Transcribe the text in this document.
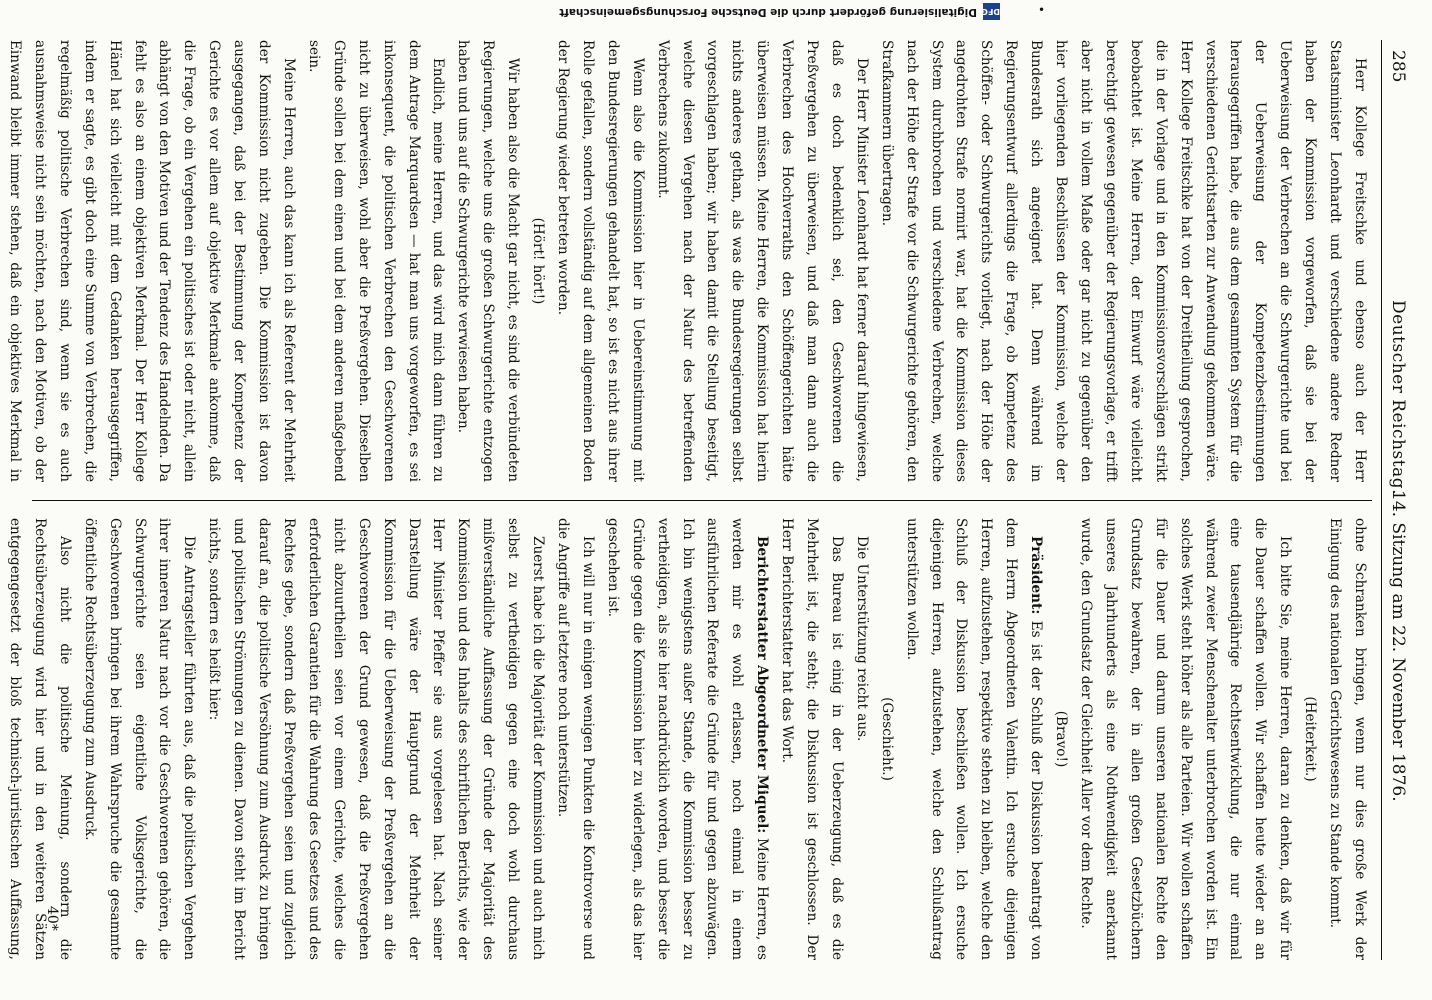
285
Deutscher Reichstag.
14. Sitzung am 22. November 1876.

Herr Kollege Freitschke und ebenso auch der Herr Staatsminister Leonhardt und verschiedene andere Redner haben der Kommission vorgeworfen, daß sie bei der Ueberweisung der Verbrechen an die Schwurgerichte und bei der Ueberweisung der Kompetenzbestimmungen herausgegriffen habe, die aus dem gesammten System für die verschiedenen Gerichtsarten zur Anwendung gekommen wäre. Herr Kollege Freitschke hat von der Dreitheilung gesprochen, die in der Vorlage und in den Kommissionsvorschlägen strikt beobachtet ist. Meine Herren, der Einwurf wäre vielleicht berechtigt gewesen gegenüber der Regierungsvorlage, er trifft aber nicht in vollem Maße oder gar nicht zu gegenüber den hier vorliegenden Beschlüssen der Kommission, welche der Bundesrath sich angeeignet hat. Denn während im Regierungsentwurf allerdings die Frage, ob Kompetenz des Schöffen- oder Schwurgerichts vorliegt, nach der Höhe der angedrohten Strafe normirt war, hat die Kommission dieses System durchbrochen und verschiedene Verbrechen, welche nach der Höhe der Strafe vor die Schwurgerichte gehören, den Strafkammern übertragen.

Der Herr Minister Leonhardt hat ferner darauf hingewiesen, daß es doch bedenklich sei, den Geschworenen die Preßvergehen zu überweisen, und daß man dann auch die Verbrechen des Hochverraths den Schöffengerichten hätte überweisen müssen. Meine Herren, die Kommission hat hierin nichts anderes gethan, als was die Bundesregierungen selbst vorgeschlagen haben; wir haben damit die Stellung beseitigt, welche diesen Vergehen nach der Natur des betreffenden Verbrechens zukommt.

Wenn also die Kommission hier in Uebereinstimmung mit den Bundesregierungen gehandelt hat, so ist es nicht aus ihrer Rolle gefallen, sondern vollständig auf dem allgemeinen Boden der Regierung wieder betreten worden.

(Hört! hört!)

Wir haben also die Macht gar nicht, es sind die verbündeten Regierungen, welche uns die großen Schwurgerichte entzogen haben und uns auf die Schwurgerichte verwiesen haben.

Endlich, meine Herren, und das wird mich dann führen zu dem Antrage Marquardsen — hat man uns vorgeworfen, es sei inkonsequent, die politischen Verbrechen den Geschworenen nicht zu überweisen, wohl aber die Preßvergehen. Dieselben Gründe sollen bei dem einen und bei dem anderen maßgebend sein.

Meine Herren, auch das kann ich als Referent der Mehrheit der Kommission nicht zugeben. Die Kommission ist davon ausgegangen, daß bei der Bestimmung der Kompetenz der Gerichte es vor allem auf objektive Merkmale ankomme, daß die Frage, ob ein Vergehen ein politisches ist oder nicht, allein abhängt von den Motiven und der Tendenz des Handelnden. Da fehlt es also an einem objektiven Merkmal. Der Herr Kollege Hänel hat sich vielleicht mit dem Gedanken herausgegriffen, indem er sagte, es gibt doch eine Summe von Verbrechen, die regelmäßig politische Verbrechen sind, wenn sie es auch ausnahmsweise nicht sein möchten, nach den Motiven, ob der Einwand bleibt immer stehen, daß ein objektives Merkmal in

ohne Schranken bringen, wenn nur dies große Werk der Einigung des nationalen Gerichtswesens zu Stande kommt.

(Heiterkeit.)

Ich bitte Sie, meine Herren, daran zu denken, daß wir für die Dauer schaffen wollen. Wir schaffen heute wieder an an eine tausendjährige Rechtsentwicklung, die nur einmal während zweier Menschenalter unterbrochen worden ist. Ein solches Werk steht höher als alle Parteien. Wir wollen schaffen für die Dauer und darum unseren nationalen Rechte den Grundsatz bewahren, der in allen großen Gesetzbüchern unseres Jahrhunderts als eine Nothwendigkeit anerkannt wurde, den Grundsatz der Gleichheit Aller vor dem Rechte.

(Bravo!)

Präsident: Es ist der Schluß der Diskussion beantragt von dem Herrn Abgeordneten Valentin. Ich ersuche diejenigen Herren, aufzustehen, respektive stehen zu bleiben, welche den Schluß der Diskussion beschließen wollen. Ich ersuche diejenigen Herren, aufzustehen, welche den Schlußantrag unterstützen wollen.

(Geschieht.)

Die Unterstützung reicht aus.

Das Bureau ist einig in der Ueberzeugung, daß es die Mehrheit ist, die steht; die Diskussion ist geschlossen. Der Herr Berichterstatter hat das Wort.

Berichterstatter Abgeordneter Miquel: Meine Herren, es werden mir es wohl erlassen, noch einmal in einem ausführlichen Referate die Gründe für und gegen abzuwägen. Ich bin wenigstens außer Stande, die Kommission besser zu vertheidigen, als sie hier nachdrücklich worden, und besser die Gründe gegen die Kommission hier zu widerlegen, als das hier geschehen ist.

Ich will nur in einigen wenigen Punkten die Kontroverse und die Angriffe auf letztere noch unterstützen.

Zuerst habe ich die Majorität der Kommission und auch mich selbst zu vertheidigen gegen eine doch wohl durchaus mißverständliche Auffassung der Gründe der Majorität des Kommission und des Inhalts des schriftlichen Berichts, wie der Herr Minister Pfeffer sie aus vorgelesen hat. Nach seiner Darstellung wäre der Hauptgrund der Mehrheit der Kommission für die Ueberweisung der Preßvergehen an die Geschworenen der Grund gewesen, daß die Preßvergehen nicht abzuurtheilen seien vor einem Gerichte, welches die erforderlichen Garantien für die Wahrung des Gesetzes und des Rechtes gebe, sondern daß Preßvergehen seien und zugleich darauf an, die politische Versöhnung zum Ausdruck zu bringen und politischen Strömungen zu dienen. Davon steht im Bericht nichts, sondern es heißt hier:

Die Antragsteller führten aus, daß die politischen Vergehen ihrer inneren Natur nach vor die Geschworenen gehören, die Schwurgerichte seien eigentliche Volksgerichte, die Geschworenen bringen bei ihrem Wahrspruche die gesammte öffentliche Rechtsüberzeugung zum Ausdruck.

Also nicht die politische Meinung, sondern die Rechtsüberzeugung wird hier und in den weiteren Sätzen entgegengesetzt der bloß technisch-juristischen Auffassung,	40*
DFG
Digitalisierung gefördert durch die Deutsche Forschungsgemeinschaft	•
